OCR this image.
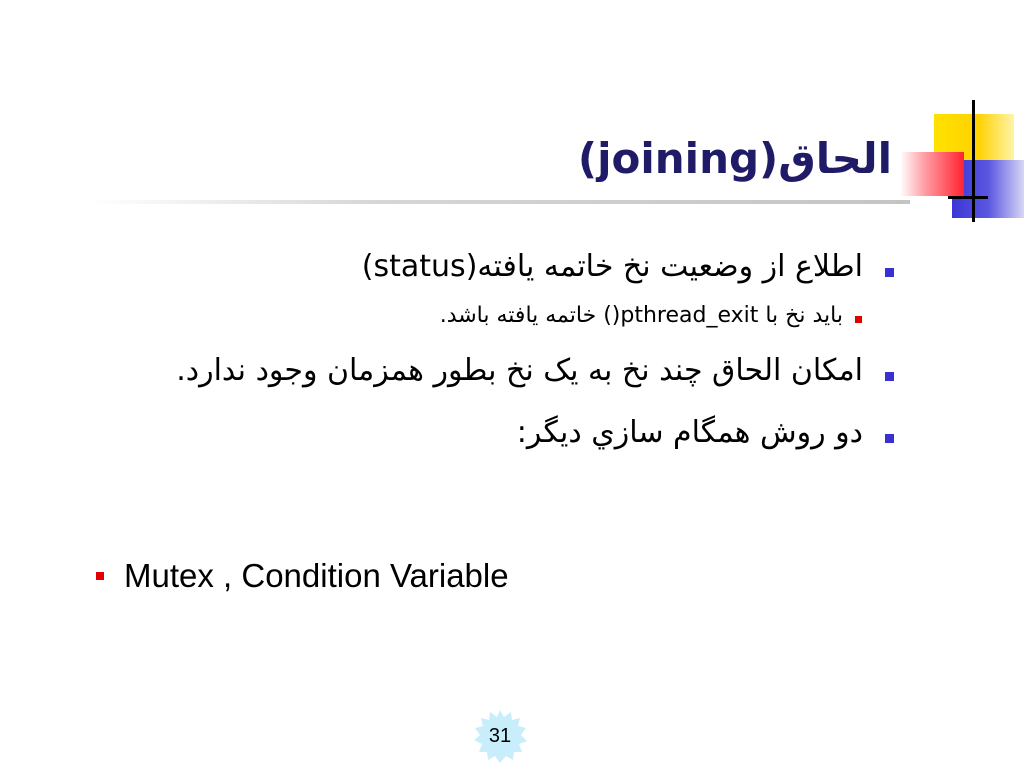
الحاق(joining)
اطلاع از وضعيت نخ خاتمه يافته(status)
بايد نخ با pthread_exit() خاتمه يافته باشد.
امکان الحاق چند نخ به يک نخ بطور همزمان وجود ندارد.
دو روش همگام سازي ديگر:
Mutex , Condition Variable
31
